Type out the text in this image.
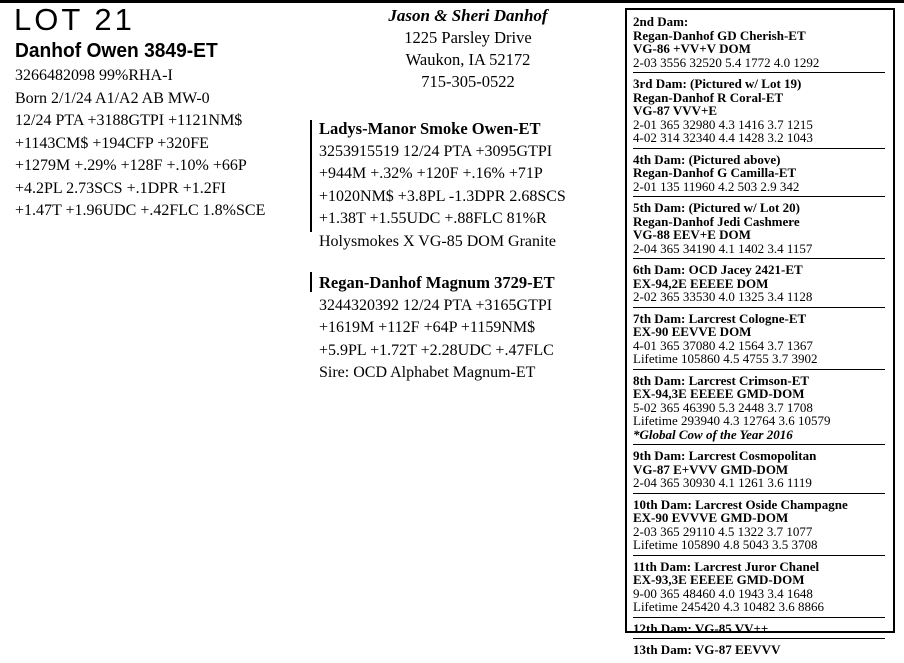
LOT 21
Danhof Owen 3849-ET
3266482098 99%RHA-I
Born 2/1/24 A1/A2 AB MW-0
12/24 PTA +3188GTPI +1121NM$
+1143CM$ +194CFP +320FE
+1279M +.29% +128F +.10% +66P
+4.2PL 2.73SCS +.1DPR +1.2FI
+1.47T +1.96UDC +.42FLC 1.8%SCE
Jason & Sheri Danhof
1225 Parsley Drive
Waukon, IA 52172
715-305-0522
Ladys-Manor Smoke Owen-ET
3253915519 12/24 PTA +3095GTPI
+944M +.32% +120F +.16% +71P
+1020NM$ +3.8PL -1.3DPR 2.68SCS
+1.38T +1.55UDC +.88FLC 81%R
Holysmokes X VG-85 DOM Granite
Regan-Danhof Magnum 3729-ET
3244320392 12/24 PTA +3165GTPI
+1619M +112F +64P +1159NM$
+5.9PL +1.72T +2.28UDC +.47FLC
Sire: OCD Alphabet Magnum-ET
2nd Dam:
Regan-Danhof GD Cherish-ET
VG-86 +VV+V DOM
2-03 3556 32520 5.4 1772 4.0 1292
3rd Dam: (Pictured w/ Lot 19)
Regan-Danhof R Coral-ET
VG-87 VVV+E
2-01 365 32980 4.3 1416 3.7 1215
4-02 314 32340 4.4 1428 3.2 1043
4th Dam: (Pictured above)
Regan-Danhof G Camilla-ET
2-01 135 11960 4.2 503 2.9 342
5th Dam: (Pictured w/ Lot 20)
Regan-Danhof Jedi Cashmere
VG-88 EEV+E DOM
2-04 365 34190 4.1 1402 3.4 1157
6th Dam: OCD Jacey 2421-ET
EX-94,2E EEEEE DOM
2-02 365 33530 4.0 1325 3.4 1128
7th Dam: Larcrest Cologne-ET
EX-90 EEVVE DOM
4-01 365 37080 4.2 1564 3.7 1367
Lifetime 105860 4.5 4755 3.7 3902
8th Dam: Larcrest Crimson-ET
EX-94,3E EEEEE GMD-DOM
5-02 365 46390 5.3 2448 3.7 1708
Lifetime 293940 4.3 12764 3.6 10579
*Global Cow of the Year 2016
9th Dam: Larcrest Cosmopolitan
VG-87 E+VVV GMD-DOM
2-04 365 30930 4.1 1261 3.6 1119
10th Dam: Larcrest Oside Champagne
EX-90 EVVVE GMD-DOM
2-03 365 29110 4.5 1322 3.7 1077
Lifetime 105890 4.8 5043 3.5 3708
11th Dam: Larcrest Juror Chanel
EX-93,3E EEEEE GMD-DOM
9-00 365 48460 4.0 1943 3.4 1648
Lifetime 245420 4.3 10482 3.6 8866
12th Dam: VG-85 VV++
13th Dam: VG-87 EEVVV
